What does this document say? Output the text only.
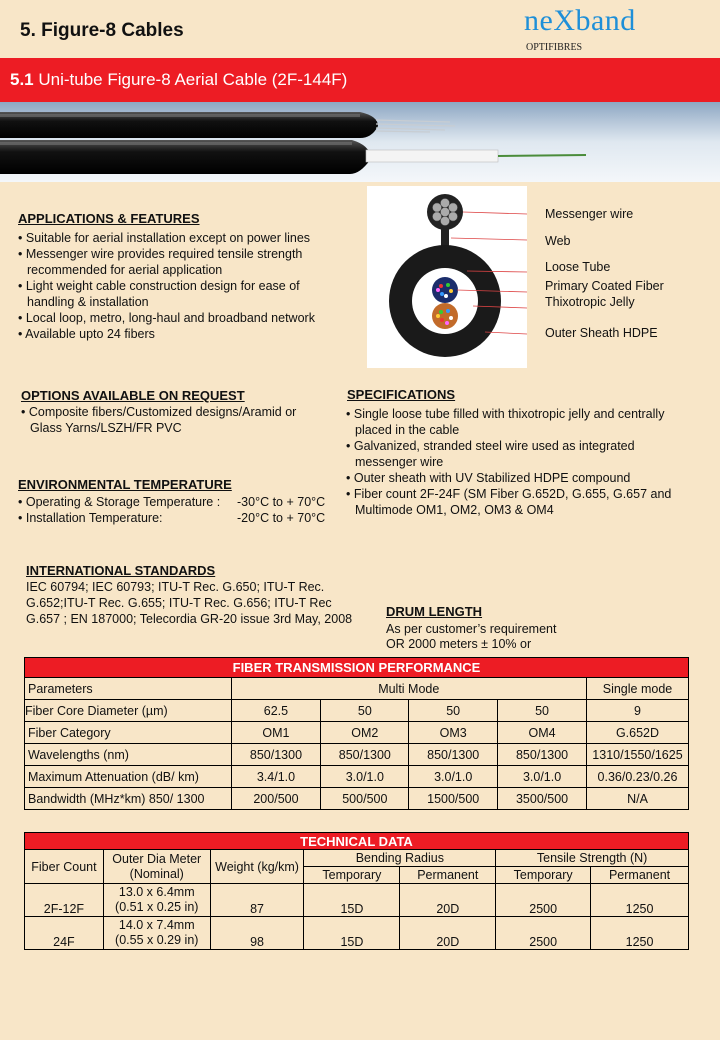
5. Figure-8 Cables	neXband
OPTIFIBRES
5.1 Uni-tube Figure-8 Aerial Cable (2F-144F)
Messenger wire
Web
Loose Tube
Primary Coated Fiber
Thixotropic Jelly
Outer Sheath HDPE
APPLICATIONS & FEATURES
• Suitable for aerial installation except on power lines
• Messenger wire provides required tensile strength recommended for aerial application
• Light weight cable construction design for ease of handling & installation
• Local loop, metro, long-haul and broadband network
• Available upto 24 fibers
OPTIONS AVAILABLE ON REQUEST
• Composite fibers/Customized designs/Aramid or Glass Yarns/LSZH/FR PVC
ENVIRONMENTAL TEMPERATURE
• Operating & Storage Temperature : -30°C to + 70°C
• Installation Temperature:	-20°C to + 70°C
SPECIFICATIONS
• Single loose tube filled with thixotropic jelly and centrally placed in the cable
• Galvanized, stranded steel wire used as integrated messenger wire
• Outer sheath with UV Stabilized HDPE compound
• Fiber count 2F-24F (SM Fiber G.652D, G.655, G.657 and Multimode OM1, OM2, OM3 & OM4
INTERNATIONAL STANDARDS
IEC 60794; IEC 60793; ITU-T Rec. G.650; ITU-T Rec. G.652;ITU-T Rec. G.655; ITU-T Rec. G.656; ITU-T Rec G.657 ; EN 187000; Telecordia GR-20 issue 3rd May, 2008	DRUM LENGTH
As per customer’s requirement
OR 2000 meters ± 10% or
FIBER TRANSMISSION PERFORMANCE					
Parameters	Multi Mode				Single mode
Fiber Core Diameter (µm)	62.5	50	50	50	9
Fiber Category	OM1	OM2	OM3	OM4	G.652D
Wavelengths (nm)	850/1300	850/1300	850/1300	850/1300	1310/1550/1625
Maximum Attenuation (dB/ km)	3.4/1.0	3.0/1.0	3.0/1.0	3.0/1.0	0.36/0.23/0.26
Bandwidth (MHz*km) 850/ 1300	200/500	500/500	1500/500	3500/500	N/A
TECHNICAL DATA						
Fiber Count	Outer Dia Meter (Nominal)	Weight (kg/km)	Bending Radius		Tensile Strength (N)	
			Temporary	Permanent	Temporary	Permanent
2F-12F	13.0 x 6.4mm
(0.51 x 0.25 in)	87	15D	20D	2500	1250
24F	14.0 x 7.4mm
(0.55 x 0.29 in)	98	15D	20D	2500	1250
